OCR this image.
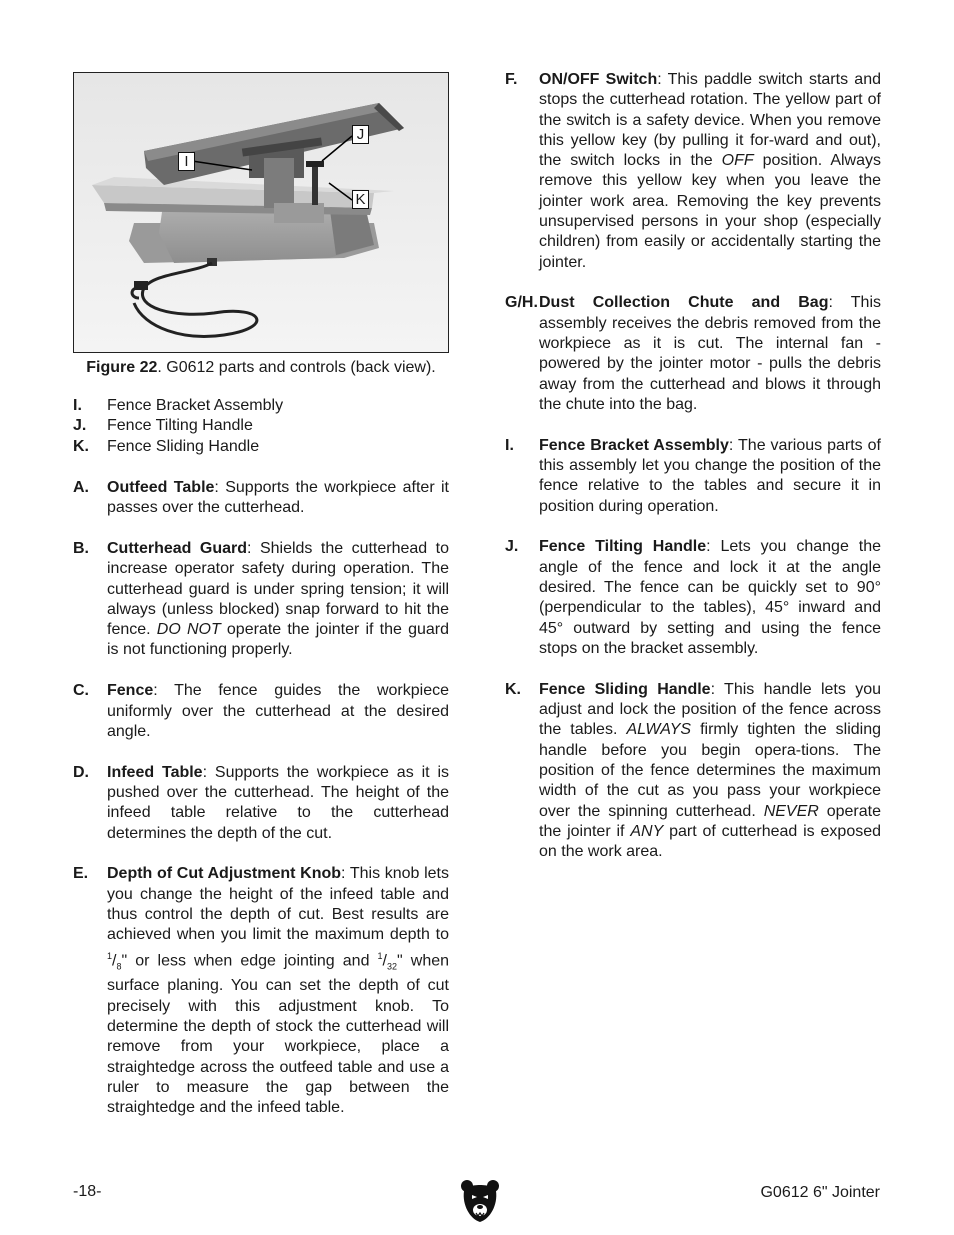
I
J
K
Figure 22. G0612 parts and controls (back view).
I.	Fence Bracket Assembly
J.	Fence Tilting Handle
K.	Fence Sliding Handle
A.	Outfeed Table: Supports the workpiece after it passes over the cutterhead.
B.	Cutterhead Guard: Shields the cutterhead to increase operator safety during operation. The cutterhead guard is under spring tension; it will always (unless blocked) snap forward to hit the fence. DO NOT operate the jointer if the guard is not functioning properly.
C.	Fence: The fence guides the workpiece uniformly over the cutterhead at the desired angle.
D.	Infeed Table: Supports the workpiece as it is pushed over the cutterhead. The height of the infeed table relative to the cutterhead determines the depth of the cut.
E.	Depth of Cut Adjustment Knob: This knob lets you change the height of the infeed table and thus control the depth of cut. Best results are achieved when you limit the maximum depth to $^1/_8$" or less when edge jointing and $^1/_{32}$" when surface planing. You can set the depth of cut precisely with this adjustment knob. To determine the depth of stock the cutterhead will remove from your workpiece, place a straightedge across the outfeed table and use a ruler to measure the gap between the straightedge and the infeed table.
F.	ON/OFF Switch: This paddle switch starts and stops the cutterhead rotation. The yellow part of the switch is a safety device. When you remove this yellow key (by pulling it for-ward and out), the switch locks in the OFF position. Always remove this yellow key when you leave the jointer work area. Removing the key prevents unsupervised persons in your shop (especially children) from easily or accidentally starting the jointer.
G/H. Dust Collection Chute and Bag: This assembly receives the debris removed from the workpiece as it is cut. The internal fan - powered by the jointer motor - pulls the debris away from the cutterhead and blows it through the chute into the bag.
I.	Fence Bracket Assembly: The various parts of this assembly let you change the position of the fence relative to the tables and secure it in position during operation.
J.	Fence Tilting Handle: Lets you change the angle of the fence and lock it at the angle desired. The fence can be quickly set to 90° (perpendicular to the tables), 45° inward and 45° outward by setting and using the fence stops on the bracket assembly.
K.	Fence Sliding Handle: This handle lets you adjust and lock the position of the fence across the tables. ALWAYS firmly tighten the sliding handle before you begin opera-tions. The position of the fence determines the maximum width of the cut as you pass your workpiece over the spinning cutterhead. NEVER operate the jointer if ANY part of cutterhead is exposed on the work area.
-18-	G0612 6" Jointer
